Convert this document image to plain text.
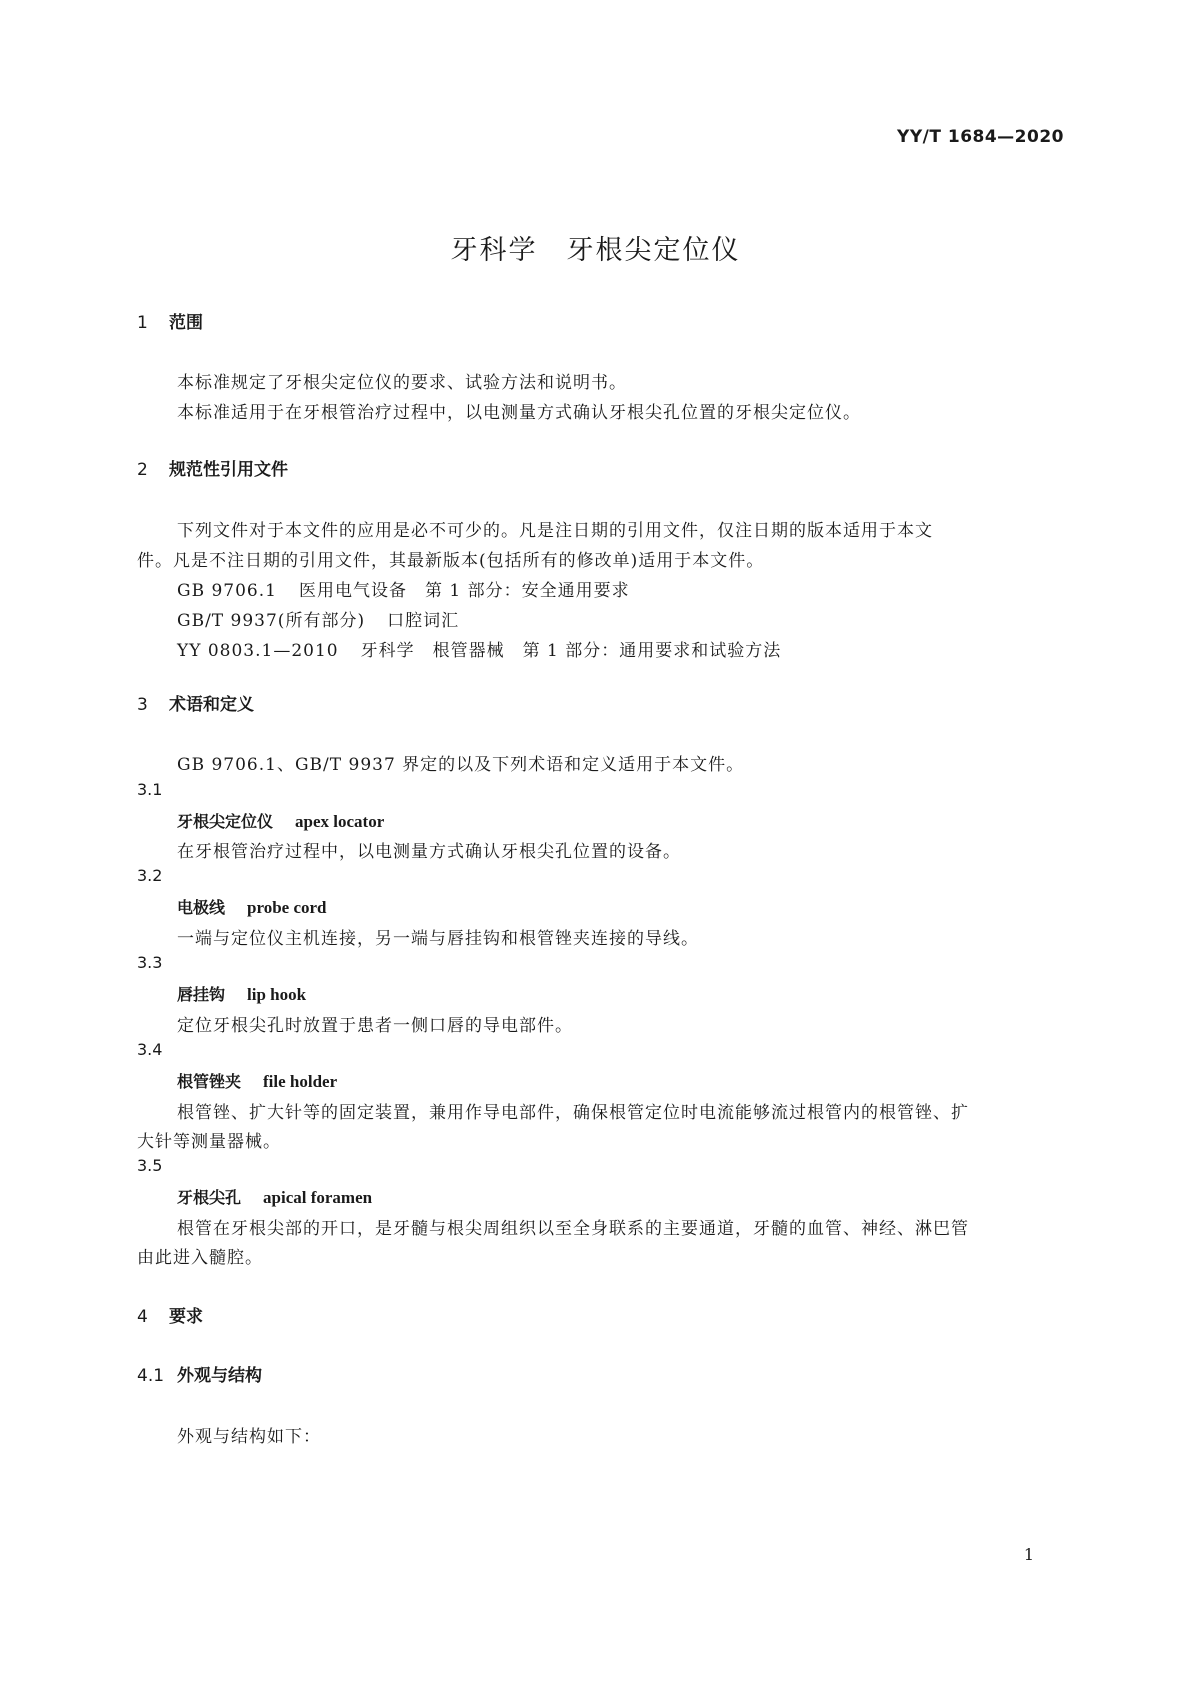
YY/T 1684—2020
牙科学　牙根尖定位仪
1 范围
本标准规定了牙根尖定位仪的要求、试验方法和说明书。
本标准适用于在牙根管治疗过程中，以电测量方式确认牙根尖孔位置的牙根尖定位仪。
2 规范性引用文件
下列文件对于本文件的应用是必不可少的。凡是注日期的引用文件，仅注日期的版本适用于本文
件。凡是不注日期的引用文件，其最新版本(包括所有的修改单)适用于本文件。
GB 9706.1 医用电气设备　第 1 部分：安全通用要求
GB/T 9937(所有部分) 口腔词汇
YY 0803.1—2010 牙科学　根管器械　第 1 部分：通用要求和试验方法
3 术语和定义
GB 9706.1、GB/T 9937 界定的以及下列术语和定义适用于本文件。
3.1
牙根尖定位仪 apex locator
在牙根管治疗过程中，以电测量方式确认牙根尖孔位置的设备。
3.2
电极线 probe cord
一端与定位仪主机连接，另一端与唇挂钩和根管锉夹连接的导线。
3.3
唇挂钩 lip hook
定位牙根尖孔时放置于患者一侧口唇的导电部件。
3.4
根管锉夹 file holder
根管锉、扩大针等的固定装置，兼用作导电部件，确保根管定位时电流能够流过根管内的根管锉、扩
大针等测量器械。
3.5
牙根尖孔 apical foramen
根管在牙根尖部的开口，是牙髓与根尖周组织以至全身联系的主要通道，牙髓的血管、神经、淋巴管
由此进入髓腔。
4 要求
4.1 外观与结构
外观与结构如下：
1
